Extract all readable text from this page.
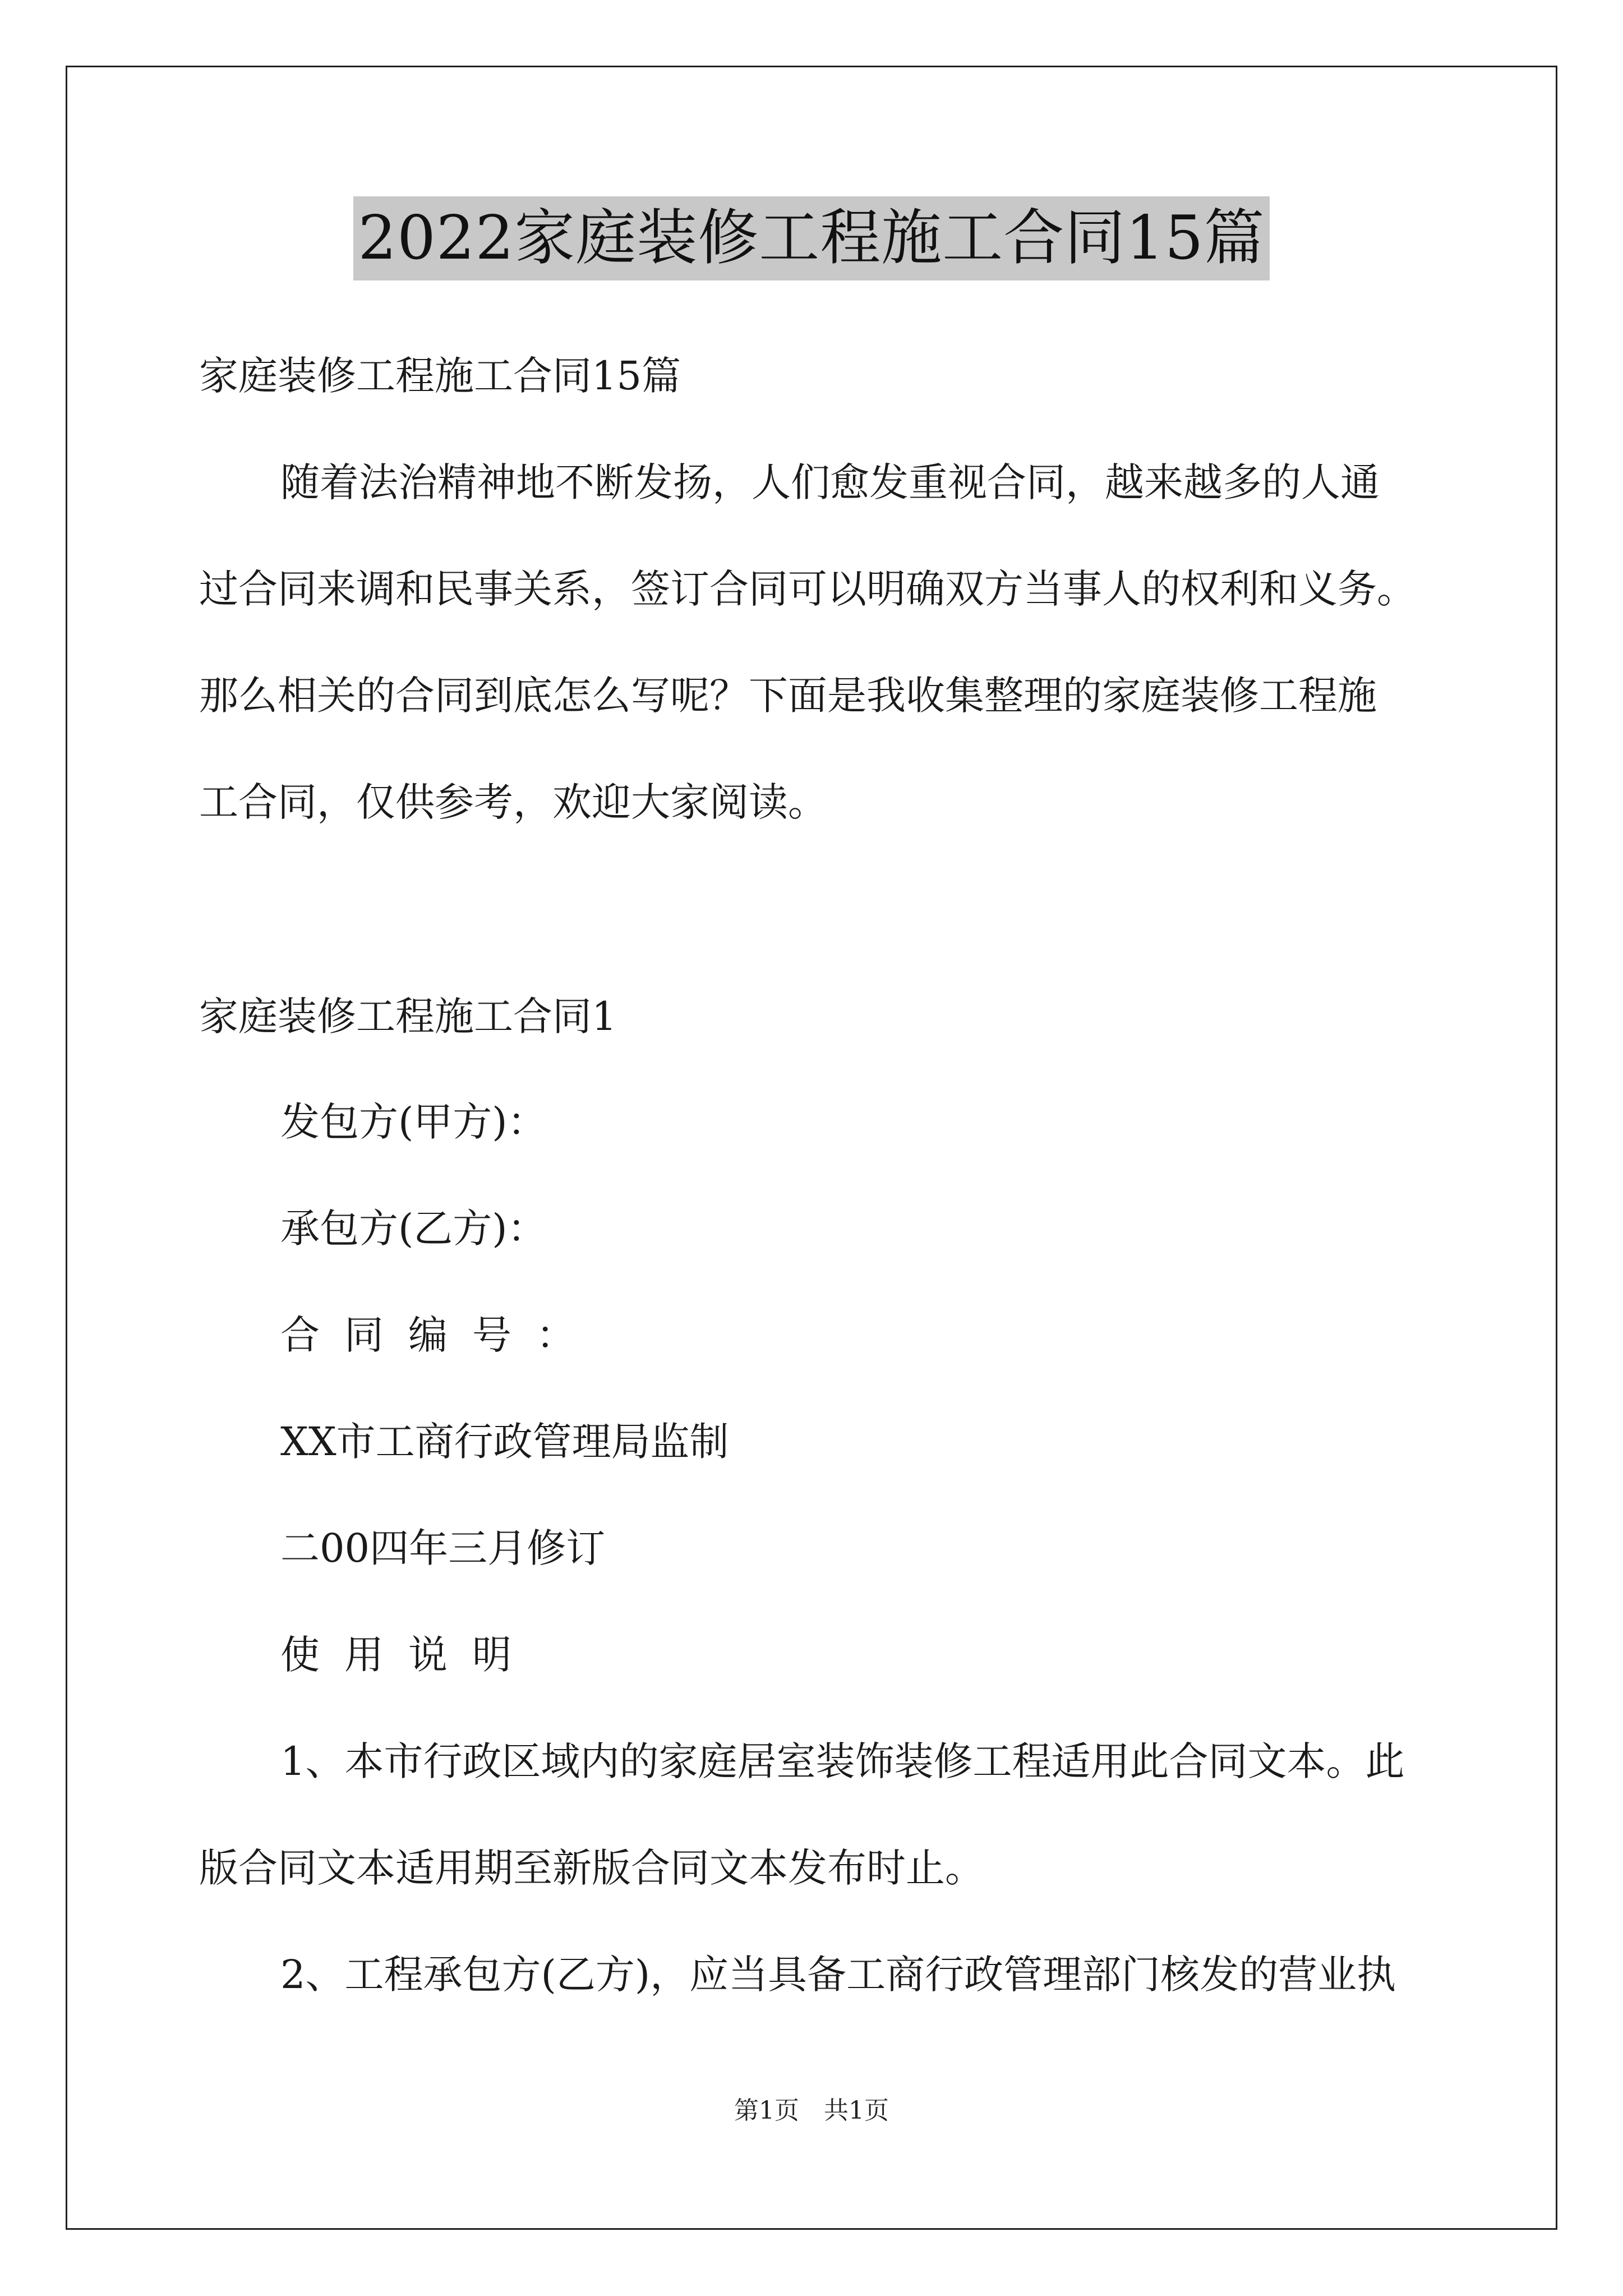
2022家庭装修工程施工合同15篇
家庭装修工程施工合同15篇
随着法治精神地不断发扬，人们愈发重视合同，越来越多的人通
过合同来调和民事关系，签订合同可以明确双方当事人的权利和义务。
那么相关的合同到底怎么写呢？下面是我收集整理的家庭装修工程施
工合同，仅供参考，欢迎大家阅读。
家庭装修工程施工合同1
发包方(甲方)：
承包方(乙方)：
合同编号：
XX市工商行政管理局监制
二00四年三月修订
使用说明
1、本市行政区域内的家庭居室装饰装修工程适用此合同文本。此
版合同文本适用期至新版合同文本发布时止。
2、工程承包方(乙方)，应当具备工商行政管理部门核发的营业执
第1页　共1页
